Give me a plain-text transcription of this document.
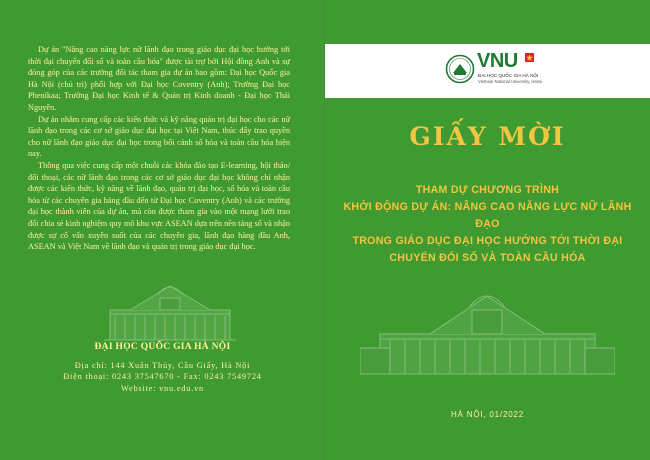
Dự án "Nâng cao năng lực nữ lãnh đạo trong giáo dục đại học hướng tới thời đại chuyển đổi số và toàn cầu hóa" được tài trợ bởi Hội đồng Anh và sự đóng góp của các trường đối tác tham gia dự án bao gồm: Đại học Quốc gia Hà Nội (chủ trì) phối hợp với Đại học Coventry (Anh); Trường Đại học Phenikaa; Trường Đại học Kinh tế & Quản trị Kinh doanh - Đại học Thái Nguyên.

Dự án nhằm cung cấp các kiến thức và kỹ năng quản trị đại học cho các nữ lãnh đạo trong các cơ sở giáo dục đại học tại Việt Nam, thúc đẩy trao quyền cho nữ lãnh đạo giáo dục đại học trong bối cảnh số hóa và toàn cầu hóa hiện nay.

Thông qua việc cung cấp một chuỗi các khóa đào tạo E-learning, hội thảo/đối thoại, các nữ lãnh đạo trong các cơ sở giáo dục đại học không chỉ nhận được các kiến thức, kỹ năng về lãnh đạo, quản trị đại học, số hóa và toàn cầu hóa từ các chuyên gia hàng đầu đến từ Đại học Coventry (Anh) và các trường đại học thành viên của dự án, mà còn được tham gia vào một mạng lưới trao đổi chia sẻ kinh nghiệm quy mô khu vực ASEAN dựa trên nền tảng số và nhận được sự cố vấn xuyên suốt của các chuyên gia, lãnh đạo hàng đầu Anh, ASEAN và Việt Nam về lãnh đạo và quản trị trong giáo dục đại học.

ĐẠI HỌC QUỐC GIA HÀ NỘI
Địa chỉ: 144 Xuân Thủy, Cầu Giấy, Hà Nội
Điện thoại: 0243 37547670 - Fax: 0243 7549724
Website: vnu.edu.vn
VNU
ĐẠI HỌC QUỐC GIA HÀ NỘI
Vietnam National University, Hanoi
GIẤY MỜI
THAM DỰ CHƯƠNG TRÌNH
KHỞI ĐỘNG DỰ ÁN: NÂNG CAO NĂNG LỰC NỮ LÃNH ĐẠO
TRONG GIÁO DỤC ĐẠI HỌC HƯỚNG TỚI THỜI ĐẠI
CHUYỂN ĐỔI SỐ VÀ TOÀN CẦU HÓA
HÀ NỘI, 01/2022
